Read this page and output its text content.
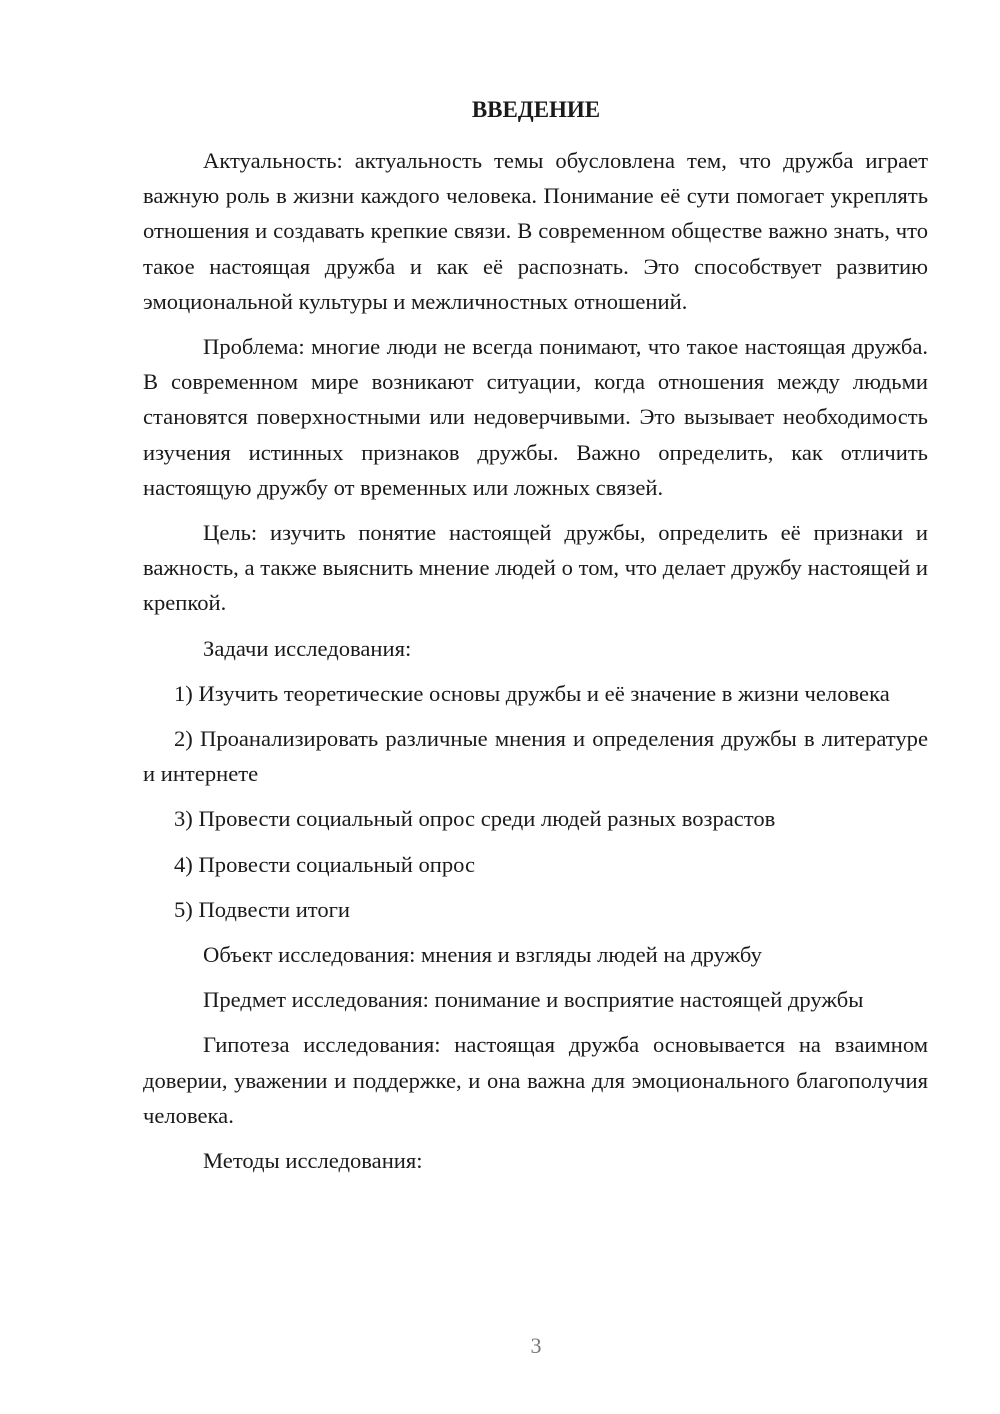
ВВЕДЕНИЕ

Актуальность: актуальность темы обусловлена тем, что дружба играет важную роль в жизни каждого человека. Понимание её сути помогает укреплять отношения и создавать крепкие связи. В современном обществе важно знать, что такое настоящая дружба и как её распознать. Это способствует развитию эмоциональной культуры и межличностных отношений.

Проблема: многие люди не всегда понимают, что такое настоящая дружба. В современном мире возникают ситуации, когда отношения между людьми становятся поверхностными или недоверчивыми. Это вызывает необходимость изучения истинных признаков дружбы. Важно определить, как отличить настоящую дружбу от временных или ложных связей.

Цель: изучить понятие настоящей дружбы, определить её признаки и важность, а также выяснить мнение людей о том, что делает дружбу настоящей и крепкой.

Задачи исследования:

1) Изучить теоретические основы дружбы и её значение в жизни человека

2) Проанализировать различные мнения и определения дружбы в литературе и интернете

3) Провести социальный опрос среди людей разных возрастов

4) Провести социальный опрос

5) Подвести итоги

Объект исследования: мнения и взгляды людей на дружбу

Предмет исследования: понимание и восприятие настоящей дружбы

Гипотеза исследования: настоящая дружба основывается на взаимном доверии, уважении и поддержке, и она важна для эмоционального благополучия человека.

Методы исследования:

3
